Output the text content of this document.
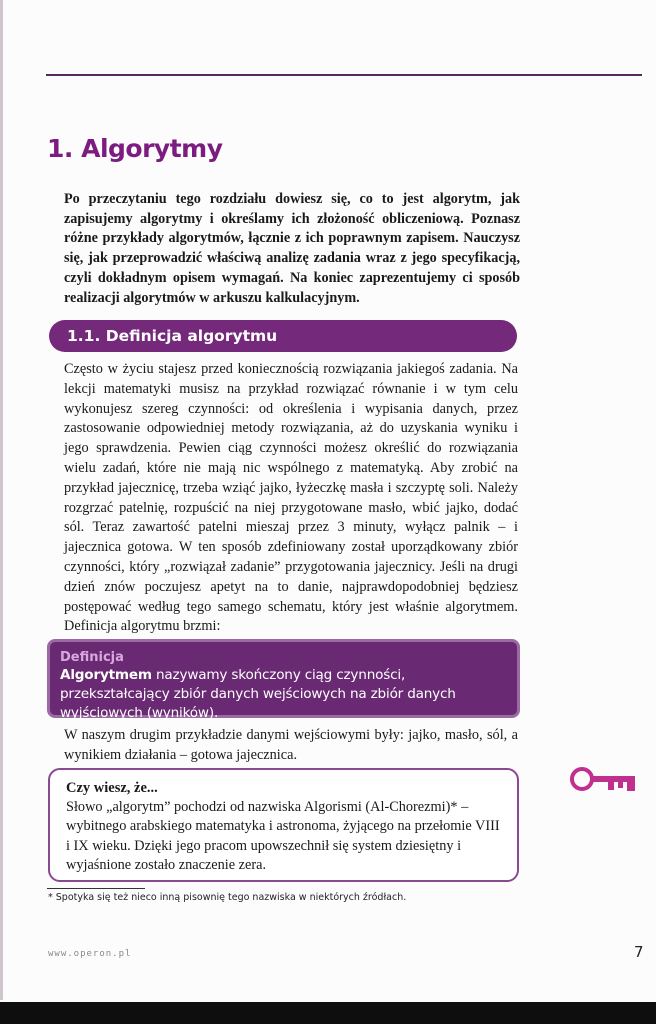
1. Algorytmy
Po przeczytaniu tego rozdziału dowiesz się, co to jest algorytm, jak zapisujemy algorytmy i określamy ich złożoność obliczeniową. Poznasz różne przykłady algorytmów, łącznie z ich poprawnym zapisem. Nauczysz się, jak przeprowadzić właściwą analizę zadania wraz z jego specyfikacją, czyli dokładnym opisem wymagań. Na koniec zaprezentujemy ci sposób realizacji algorytmów w arkuszu kalkulacyjnym.
1.1. Definicja algorytmu

Często w życiu stajesz przed koniecznością rozwiązania jakiegoś zadania. Na lekcji matematyki musisz na przykład rozwiązać równanie i w tym celu wykonujesz szereg czynności: od określenia i wypisania danych, przez zastosowanie odpowiedniej metody rozwiązania, aż do uzyskania wyniku i jego sprawdzenia. Pewien ciąg czynności możesz określić do rozwiązania wielu zadań, które nie mają nic wspólnego z matematyką. Aby zrobić na przykład jajecznicę, trzeba wziąć jajko, łyżeczkę masła i szczyptę soli. Należy rozgrzać patelnię, rozpuścić na niej przygotowane masło, wbić jajko, dodać sól. Teraz zawartość patelni mieszaj przez 3 minuty, wyłącz palnik – i jajecznica gotowa. W ten sposób zdefiniowany został uporządkowany zbiór czynności, który „rozwiązał zadanie” przygotowania jajecznicy. Jeśli na drugi dzień znów poczujesz apetyt na to danie, najprawdopodobniej będziesz postępować według tego samego schematu, który jest właśnie algorytmem. Definicja algorytmu brzmi:

Definicja
Algorytmem nazywamy skończony ciąg czynności, przekształcający zbiór danych wejściowych na zbiór danych wyjściowych (wyników).
W naszym drugim przykładzie danymi wejściowymi były: jajko, masło, sól, a wynikiem działania – gotowa jajecznica.
Czy wiesz, że...
Słowo „algorytm” pochodzi od nazwiska Algorismi (Al-Chorezmi)* – wybitnego arabskiego matematyka i astronoma, żyjącego na przełomie VIII i IX wieku. Dzięki jego pracom upowszechnił się system dziesiętny i wyjaśnione zostało znaczenie zera.
* Spotyka się też nieco inną pisownię tego nazwiska w niektórych źródłach.
www.operon.pl	7
